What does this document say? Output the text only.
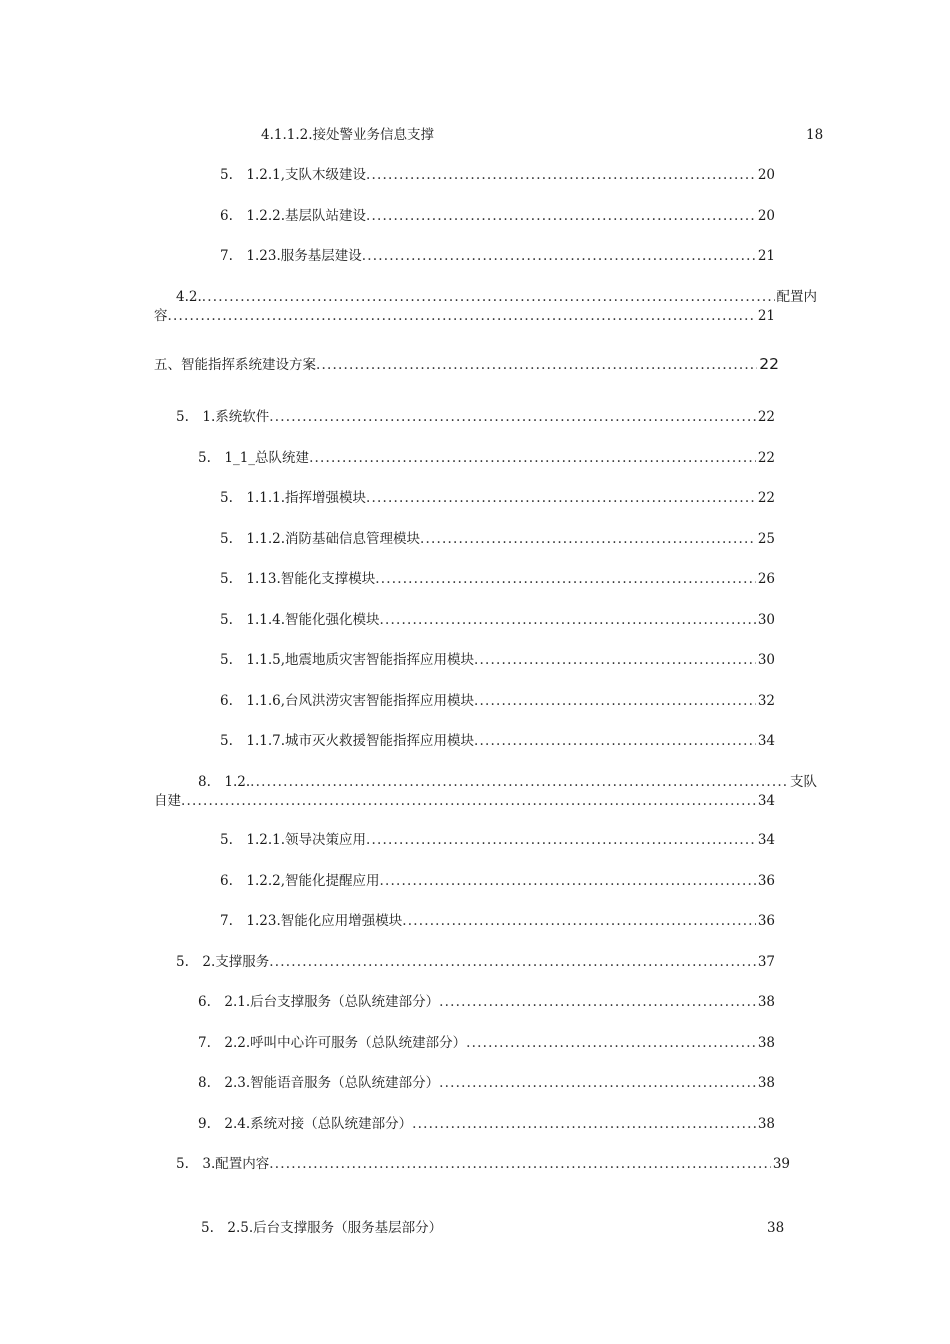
4.1.1.2.接处警业务信息支撑	18
5.　1.2.1,支队木级建设 .....	20
6.　1.2.2.基层队站建设 .....	20
7.　1.23.服务基层建设 .....	21
4.2. .....	配置内
容 .....	21
五、智能指挥系统建设方案 .....	22
5.　1.系统软件 .....	22
5.　1_1_总队统建 .....	22
5.　1.1.1.指挥增强模块 .....	22
5.　1.1.2.消防基础信息管理模块 .....	25
5.　1.13.智能化支撑模块 .....	26
5.　1.1.4.智能化强化模块 .....	30
5.　1.1.5,地震地质灾害智能指挥应用模块 .....	30
6.　1.1.6,台风洪涝灾害智能指挥应用模块 .....	32
5.　1.1.7.城市灭火救援智能指挥应用模块 .....	34
8.　1.2. .....	支队
自建 .....	34
5.　1.2.1.领导决策应用 .....	34
6.　1.2.2,智能化提醒应用 .....	36
7.　1.23.智能化应用增强模块 .....	36
5.　2.支撑服务 .....	37
6.　2.1.后台支撑服务（总队统建部分） .....	38
7.　2.2.呼叫中心许可服务（总队统建部分） .....	38
8.　2.3.智能语音服务（总队统建部分） .....	38
9.　2.4.系统对接（总队统建部分） .....	38
5.　3.配置内容 .....	39
5.　2.5.后台支撑服务（服务基层部分）	38
